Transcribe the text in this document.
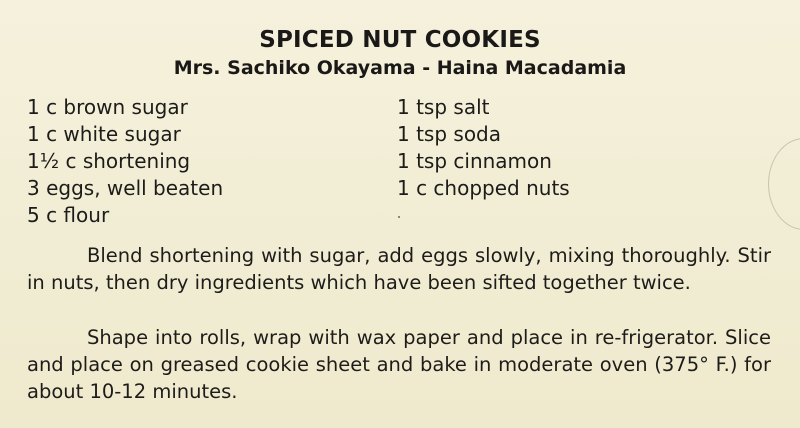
SPICED NUT COOKIES
Mrs. Sachiko Okayama - Haina Macadamia
1 c brown sugar
1 c white sugar
1½ c shortening
3 eggs, well beaten
5 c flour
1 tsp salt
1 tsp soda
1 tsp cinnamon
1 c chopped nuts

Blend shortening with sugar, add eggs slowly, mixing thoroughly. Stir in nuts, then dry ingredients which have been sifted together twice.

Shape into rolls, wrap with wax paper and place in re-frigerator. Slice and place on greased cookie sheet and bake in moderate oven (375° F.) for about 10-12 minutes.
